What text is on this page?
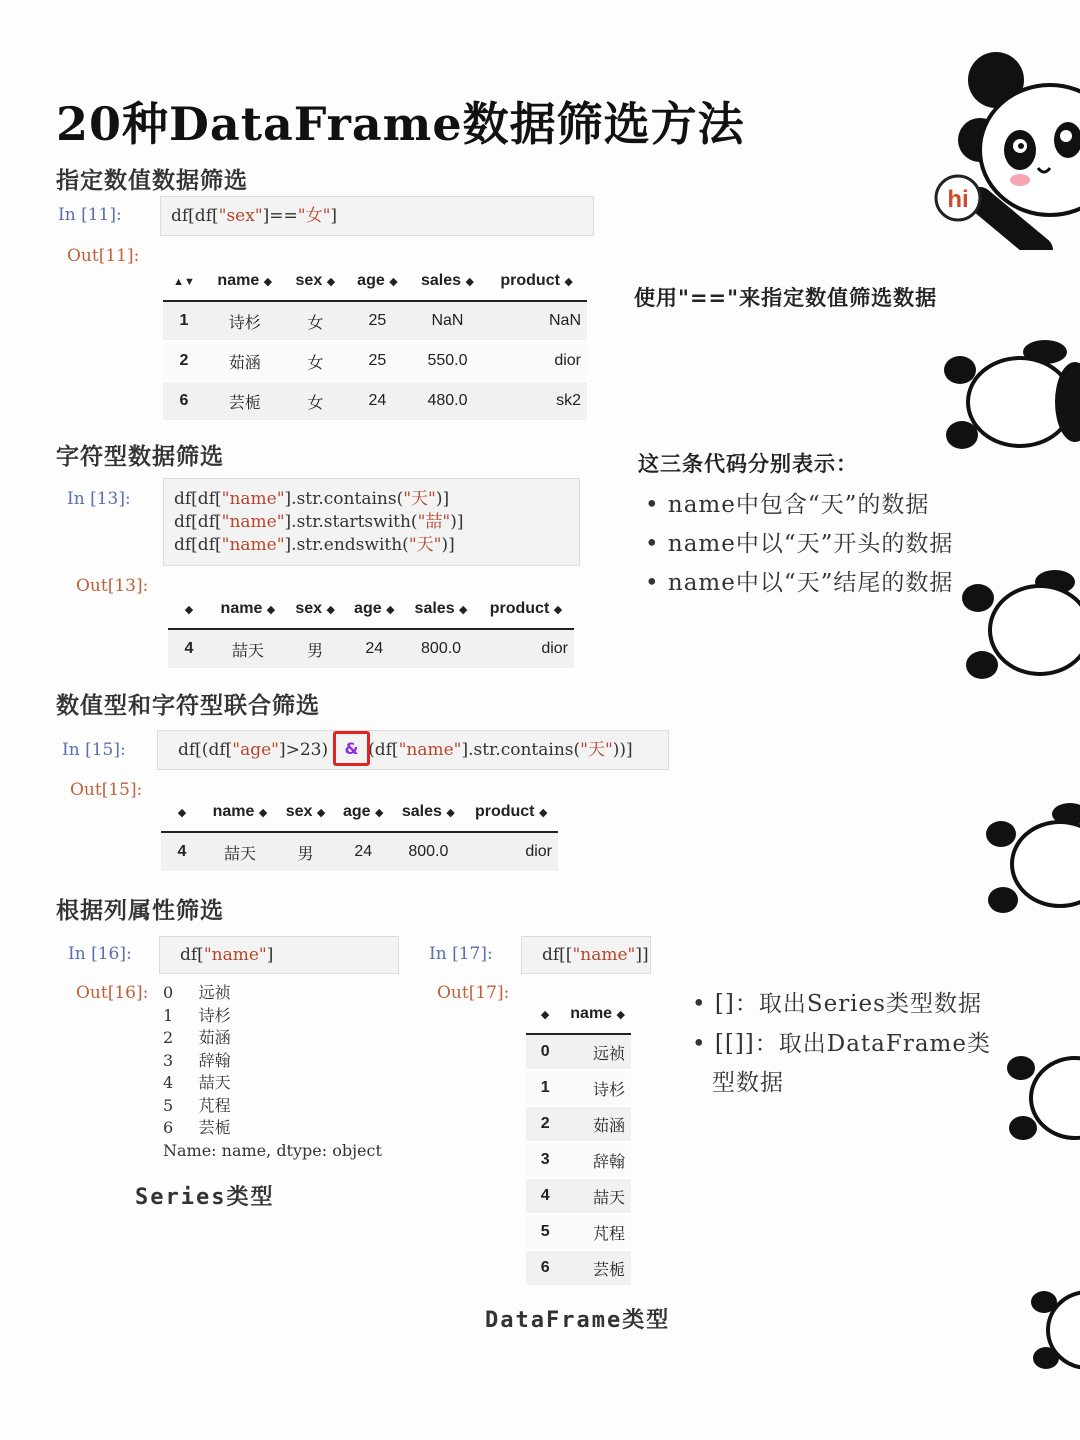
20种DataFrame数据筛选方法
指定数值数据筛选
In [11]:	df[df["sex"]=="女"]
Out[11]:
▲▼	name ◆	sex ◆	age ◆	sales ◆	product ◆
1	诗杉	女	25	NaN	NaN
2	茹涵	女	25	550.0	dior
6	芸栀	女	24	480.0	sk2
使用"=="来指定数值筛选数据
字符型数据筛选
In [13]:	df[df["name"].str.contains("天")]
df[df["name"].str.startswith("喆")]
df[df["name"].str.endswith("天")]
Out[13]:
◆	name ◆	sex ◆	age ◆	sales ◆	product ◆
4	喆天	男	24	800.0	dior
这三条代码分别表示：
• name中包含“天”的数据
• name中以“天”开头的数据
• name中以“天”结尾的数据
数值型和字符型联合筛选
In [15]:	df[(df["age"]>23) (df["name"].str.contains("天"))]
&
Out[15]:
◆	name ◆	sex ◆	age ◆	sales ◆	product ◆
4	喆天	男	24	800.0	dior
根据列属性筛选
In [16]:	df["name"]
Out[16]: 0 远祯
1 诗杉
2 茹涵
3 辞翰
4 喆天
5 芃程
6 芸栀
Name: name, dtype: object
Series类型
In [17]:	df[["name"]]
Out[17]:
◆	name ◆
0	远祯
1	诗杉
2	茹涵
3	辞翰
4	喆天
5	芃程
6	芸栀
DataFrame类型
• []：取出Series类型数据
• [[]]：取出DataFrame类
型数据
hi
